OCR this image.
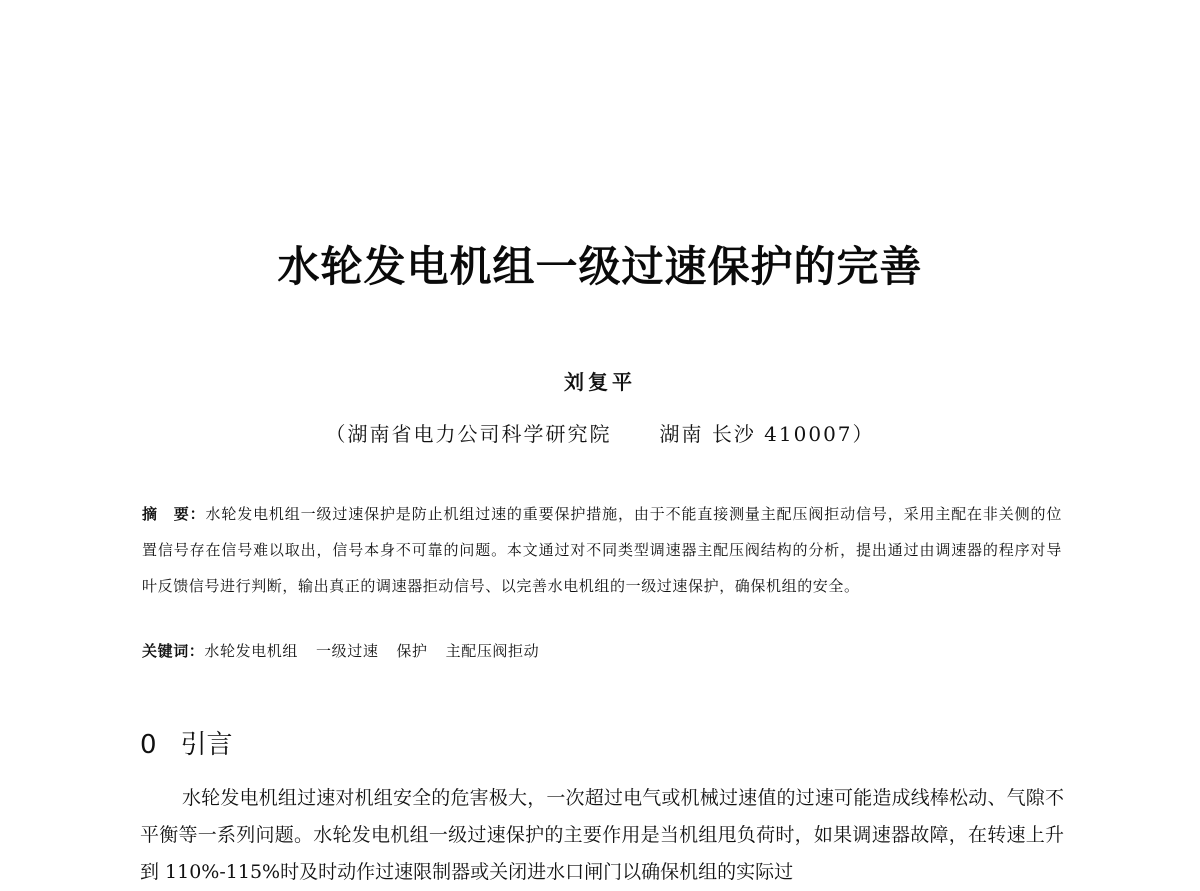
水轮发电机组一级过速保护的完善
刘复平
（湖南省电力公司科学研究院 湖南 长沙 410007）
摘　要：水轮发电机组一级过速保护是防止机组过速的重要保护措施，由于不能直接测量主配压阀拒动信号，采用主配在非关侧的位置信号存在信号难以取出，信号本身不可靠的问题。本文通过对不同类型调速器主配压阀结构的分析，提出通过由调速器的程序对导叶反馈信号进行判断，输出真正的调速器拒动信号、以完善水电机组的一级过速保护，确保机组的安全。
关键词：水轮发电机组 一级过速 保护 主配压阀拒动
0 引言
水轮发电机组过速对机组安全的危害极大，一次超过电气或机械过速值的过速可能造成线棒松动、气隙不平衡等一系列问题。水轮发电机组一级过速保护的主要作用是当机组甩负荷时，如果调速器故障，在转速上升到 110%-115%时及时动作过速限制器或关闭进水口闸门以确保机组的实际过
